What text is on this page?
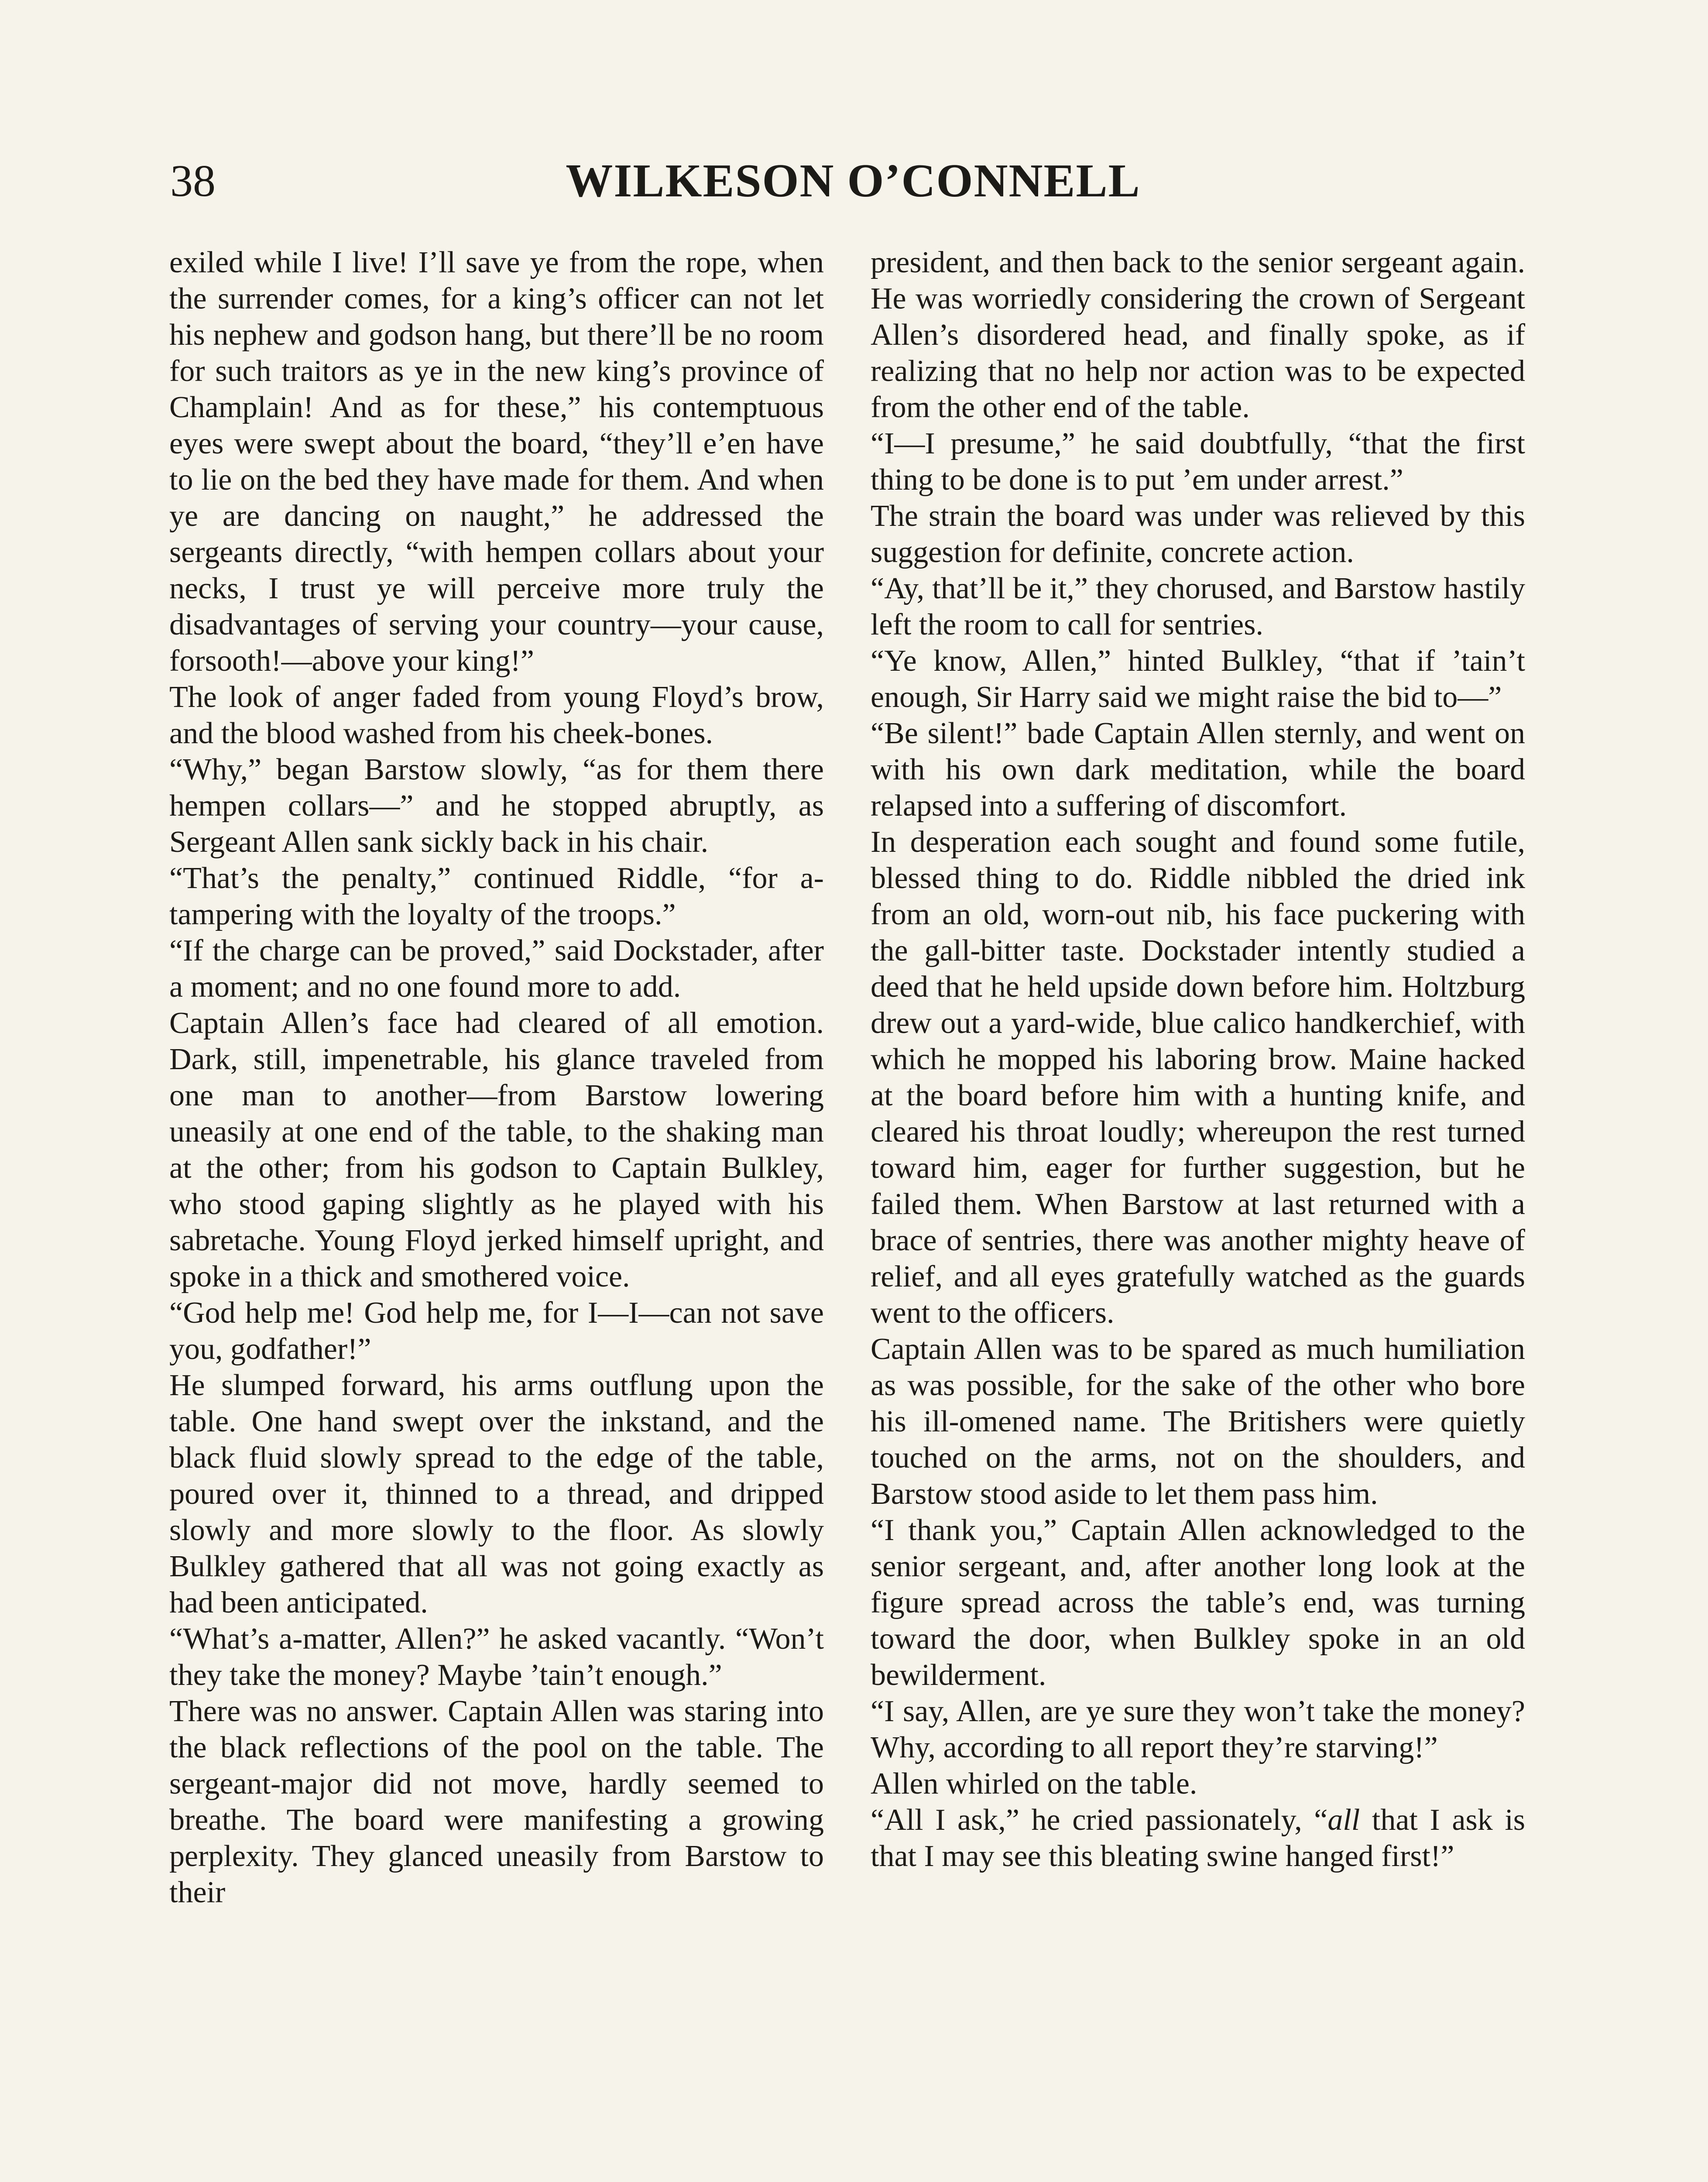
38	WILKESON O’CONNELL

exiled while I live! I’ll save ye from the rope, when the surrender comes, for a king’s officer can not let his nephew and godson hang, but there’ll be no room for such traitors as ye in the new king’s province of Champlain! And as for these,” his contemptuous eyes were swept about the board, “they’ll e’en have to lie on the bed they have made for them. And when ye are dancing on naught,” he addressed the sergeants directly, “with hempen collars about your necks, I trust ye will perceive more truly the disadvantages of serving your country—your cause, forsooth!—above your king!”

The look of anger faded from young Floyd’s brow, and the blood washed from his cheek-bones.

“Why,” began Barstow slowly, “as for them there hempen collars—” and he stopped abruptly, as Sergeant Allen sank sickly back in his chair.

“That’s the penalty,” continued Riddle, “for a-tampering with the loyalty of the troops.”

“If the charge can be proved,” said Dockstader, after a moment; and no one found more to add.

Captain Allen’s face had cleared of all emotion. Dark, still, impenetrable, his glance traveled from one man to another—from Barstow lowering uneasily at one end of the table, to the shaking man at the other; from his godson to Captain Bulkley, who stood gaping slightly as he played with his sabretache. Young Floyd jerked himself upright, and spoke in a thick and smothered voice.

“God help me! God help me, for I—I—can not save you, godfather!”

He slumped forward, his arms outflung upon the table. One hand swept over the inkstand, and the black fluid slowly spread to the edge of the table, poured over it, thinned to a thread, and dripped slowly and more slowly to the floor. As slowly Bulkley gathered that all was not going exactly as had been anticipated.

“What’s a-matter, Allen?” he asked vacantly. “Won’t they take the money? Maybe ’tain’t enough.”

There was no answer. Captain Allen was staring into the black reflections of the pool on the table. The sergeant-major did not move, hardly seemed to breathe. The board were manifesting a growing perplexity. They glanced uneasily from Barstow to their

president, and then back to the senior sergeant again. He was worriedly considering the crown of Sergeant Allen’s disordered head, and finally spoke, as if realizing that no help nor action was to be expected from the other end of the table.

“I—I presume,” he said doubtfully, “that the first thing to be done is to put ’em under arrest.”

The strain the board was under was relieved by this suggestion for definite, concrete action.

“Ay, that’ll be it,” they chorused, and Barstow hastily left the room to call for sentries.

“Ye know, Allen,” hinted Bulkley, “that if ’tain’t enough, Sir Harry said we might raise the bid to—”

“Be silent!” bade Captain Allen sternly, and went on with his own dark meditation, while the board relapsed into a suffering of discomfort.

In desperation each sought and found some futile, blessed thing to do. Riddle nibbled the dried ink from an old, worn-out nib, his face puckering with the gall-bitter taste. Dockstader intently studied a deed that he held upside down before him. Holtzburg drew out a yard-wide, blue calico handkerchief, with which he mopped his laboring brow. Maine hacked at the board before him with a hunting knife, and cleared his throat loudly; whereupon the rest turned toward him, eager for further suggestion, but he failed them. When Barstow at last returned with a brace of sentries, there was another mighty heave of relief, and all eyes gratefully watched as the guards went to the officers.

Captain Allen was to be spared as much humiliation as was possible, for the sake of the other who bore his ill-omened name. The Britishers were quietly touched on the arms, not on the shoulders, and Barstow stood aside to let them pass him.

“I thank you,” Captain Allen acknowledged to the senior sergeant, and, after another long look at the figure spread across the table’s end, was turning toward the door, when Bulkley spoke in an old bewilderment.

“I say, Allen, are ye sure they won’t take the money? Why, according to all report they’re starving!”

Allen whirled on the table.

“All I ask,” he cried passionately, “all that I ask is that I may see this bleating swine hanged first!”
